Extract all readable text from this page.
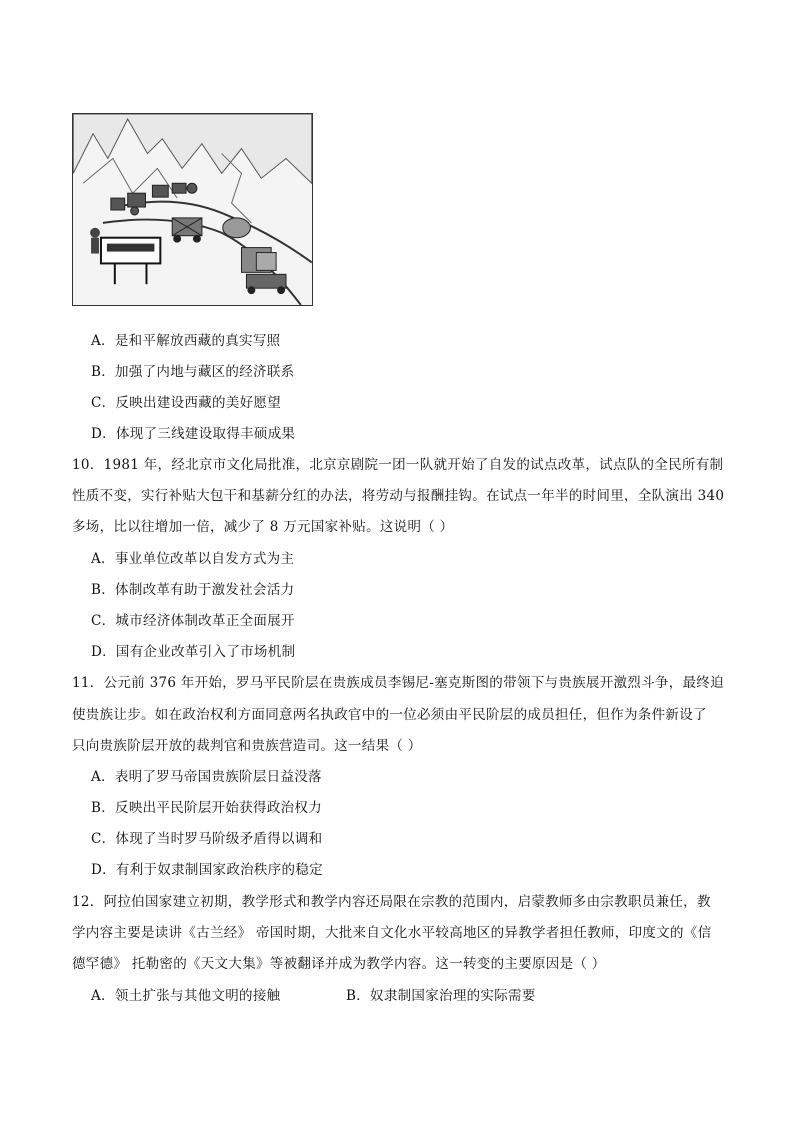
A．是和平解放西藏的真实写照
B．加强了内地与藏区的经济联系
C．反映出建设西藏的美好愿望
D．体现了三线建设取得丰硕成果
10．1981 年，经北京市文化局批准，北京京剧院一团一队就开始了自发的试点改革，试点队的全民所有制
性质不变，实行补贴大包干和基薪分红的办法，将劳动与报酬挂钩。在试点一年半的时间里，全队演出 340
多场，比以往增加一倍，减少了 8 万元国家补贴。这说明（ ）
A．事业单位改革以自发方式为主
B．体制改革有助于激发社会活力
C．城市经济体制改革正全面展开
D．国有企业改革引入了市场机制
11．公元前 376 年开始，罗马平民阶层在贵族成员李锡尼-塞克斯图的带领下与贵族展开激烈斗争，最终迫
使贵族让步。如在政治权利方面同意两名执政官中的一位必须由平民阶层的成员担任，但作为条件新设了
只向贵族阶层开放的裁判官和贵族营造司。这一结果（ ）
A．表明了罗马帝国贵族阶层日益没落
B．反映出平民阶层开始获得政治权力
C．体现了当时罗马阶级矛盾得以调和
D．有利于奴隶制国家政治秩序的稳定
12．阿拉伯国家建立初期，教学形式和教学内容还局限在宗教的范围内，启蒙教师多由宗教职员兼任，教
学内容主要是读讲《古兰经》 帝国时期，大批来自文化水平较高地区的异教学者担任教师，印度文的《信
德罕德》 托勒密的《天文大集》等被翻译并成为教学内容。这一转变的主要原因是（ ）
A．领土扩张与其他文明的接触	B．奴隶制国家治理的实际需要
